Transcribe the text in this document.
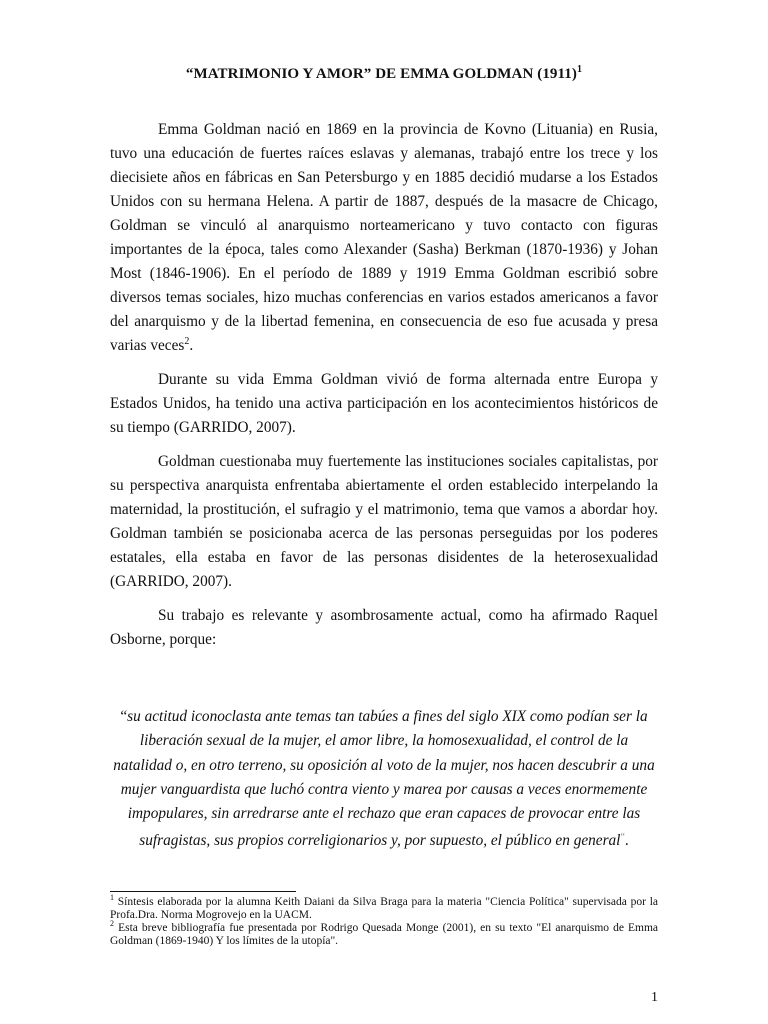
“MATRIMONIO Y AMOR” DE EMMA GOLDMAN $(1911)^1$

Emma Goldman nació en 1869 en la provincia de Kovno (Lituania) en Rusia, tuvo una educación de fuertes raíces eslavas y alemanas, trabajó entre los trece y los diecisiete años en fábricas en San Petersburgo y en 1885 decidió mudarse a los Estados Unidos con su hermana Helena. A partir de 1887, después de la masacre de Chicago, Goldman se vinculó al anarquismo norteamericano y tuvo contacto con figuras importantes de la época, tales como Alexander (Sasha) Berkman (1870-1936) y Johan Most (1846-1906). En el período de 1889 y 1919 Emma Goldman escribió sobre diversos temas sociales, hizo muchas conferencias en varios estados americanos a favor del anarquismo y de la libertad femenina, en consecuencia de eso fue acusada y presa varias veces$^2$.

Durante su vida Emma Goldman vivió de forma alternada entre Europa y Estados Unidos, ha tenido una activa participación en los acontecimientos históricos de su tiempo (GARRIDO, 2007).

Goldman cuestionaba muy fuertemente las instituciones sociales capitalistas, por su perspectiva anarquista enfrentaba abiertamente el orden establecido interpelando la maternidad, la prostitución, el sufragio y el matrimonio, tema que vamos a abordar hoy. Goldman también se posicionaba acerca de las personas perseguidas por los poderes estatales, ella estaba en favor de las personas disidentes de la heterosexualidad (GARRIDO, 2007).

Su trabajo es relevante y asombrosamente actual, como ha afirmado Raquel Osborne, porque:

“su actitud iconoclasta ante temas tan tabúes a fines del siglo XIX como podían ser la liberación sexual de la mujer, el amor libre, la homosexualidad, el control de la natalidad o, en otro terreno, su oposición al voto de la mujer, nos hacen descubrir a una mujer vanguardista que luchó contra viento y marea por causas a veces enormemente impopulares, sin arredrarse ante el rechazo que eran capaces de provocar entre las sufragistas, sus propios correligionarios y, por supuesto, el público en general“.

$^1$ Síntesis elaborada por la alumna Keith Daiani da Silva Braga para la materia "Ciencia Política" supervisada por la Profa.Dra. Norma Mogrovejo en la UACM.

$^2$ Esta breve bibliografía fue presentada por Rodrigo Quesada Monge (2001), en su texto "El anarquismo de Emma Goldman (1869-1940) Y los límites de la utopía".

1
